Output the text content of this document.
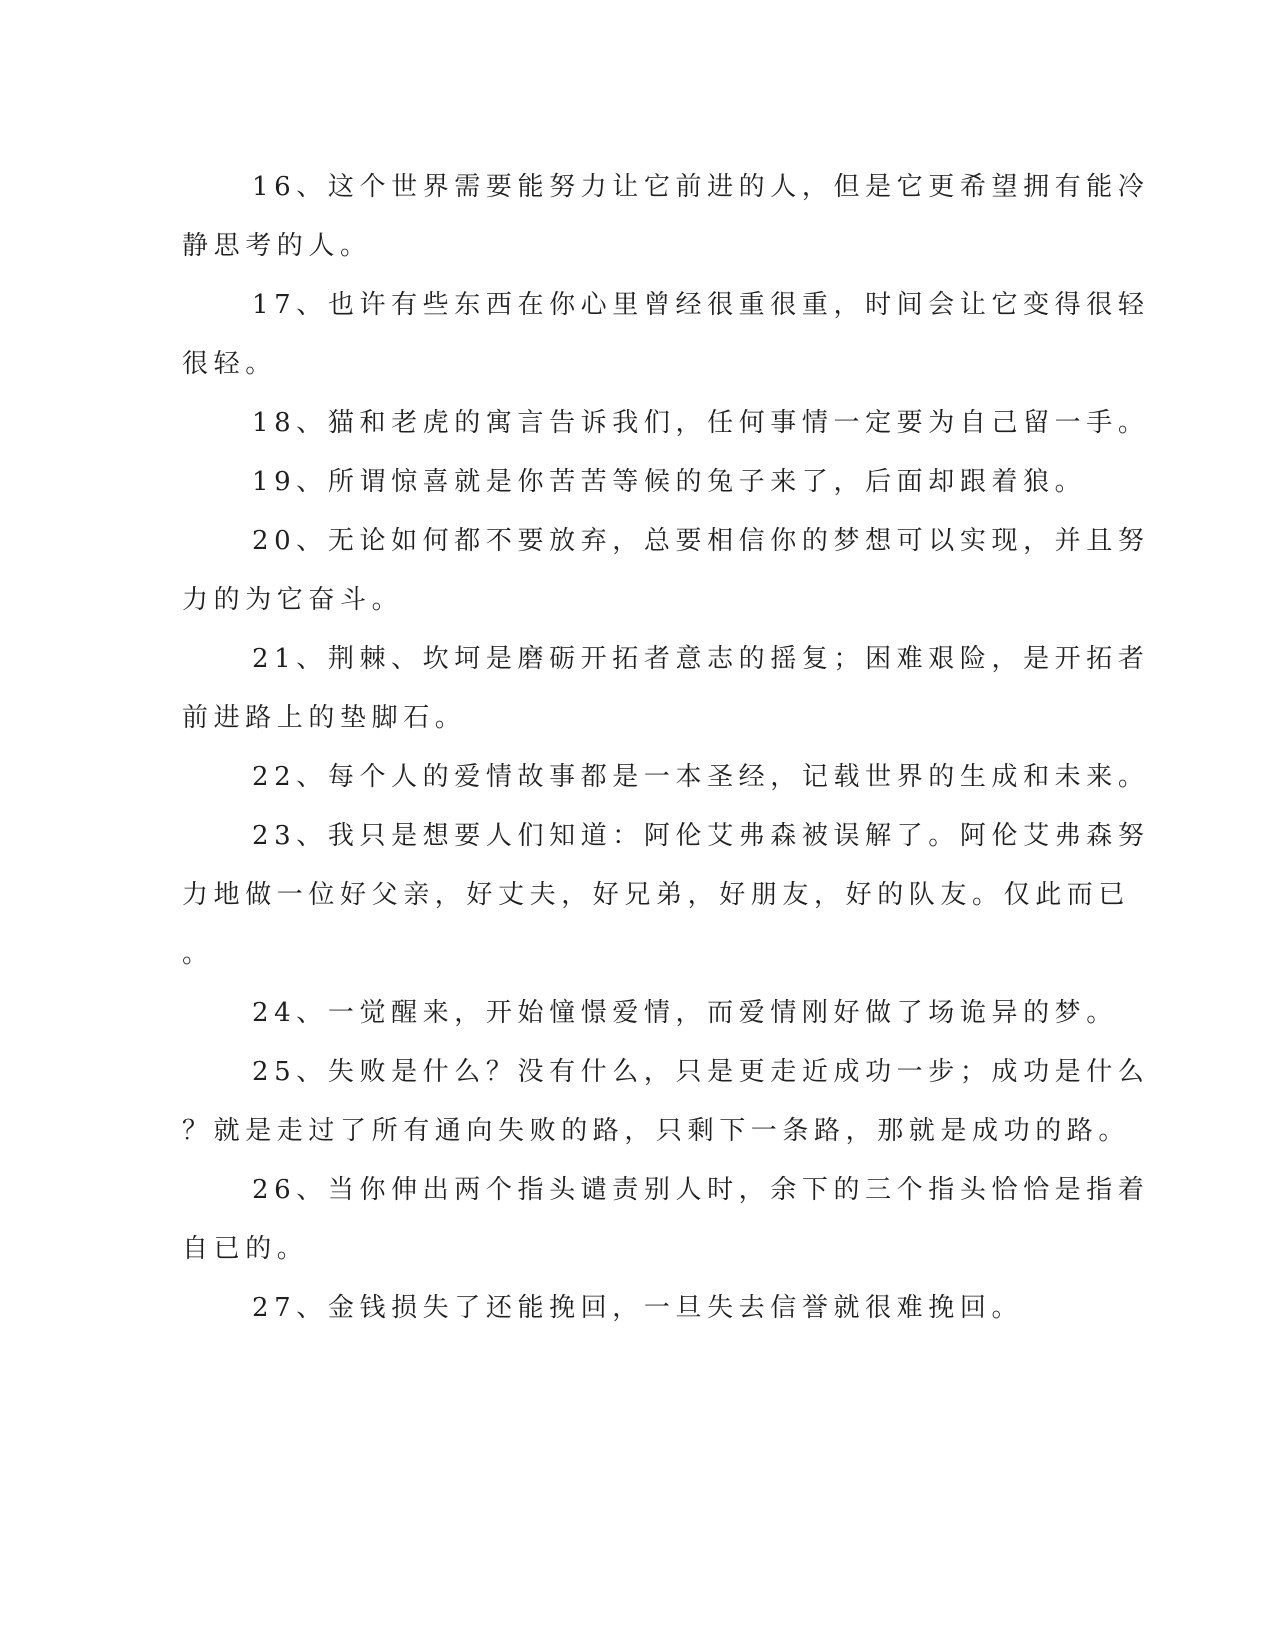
16、这个世界需要能努力让它前进的人，但是它更希望拥有能冷
静思考的人。
17、也许有些东西在你心里曾经很重很重，时间会让它变得很轻
很轻。
18、猫和老虎的寓言告诉我们，任何事情一定要为自己留一手。
19、所谓惊喜就是你苦苦等候的兔子来了，后面却跟着狼。
20、无论如何都不要放弃，总要相信你的梦想可以实现，并且努
力的为它奋斗。
21、荆棘、坎坷是磨砺开拓者意志的摇复；困难艰险，是开拓者
前进路上的垫脚石。
22、每个人的爱情故事都是一本圣经，记载世界的生成和未来。
23、我只是想要人们知道：阿伦艾弗森被误解了。阿伦艾弗森努
力地做一位好父亲，好丈夫，好兄弟，好朋友，好的队友。仅此而已
。
24、一觉醒来，开始憧憬爱情，而爱情刚好做了场诡异的梦。
25、失败是什么？没有什么，只是更走近成功一步；成功是什么
？就是走过了所有通向失败的路，只剩下一条路，那就是成功的路。
26、当你伸出两个指头谴责别人时，余下的三个指头恰恰是指着
自已的。
27、金钱损失了还能挽回，一旦失去信誉就很难挽回。
